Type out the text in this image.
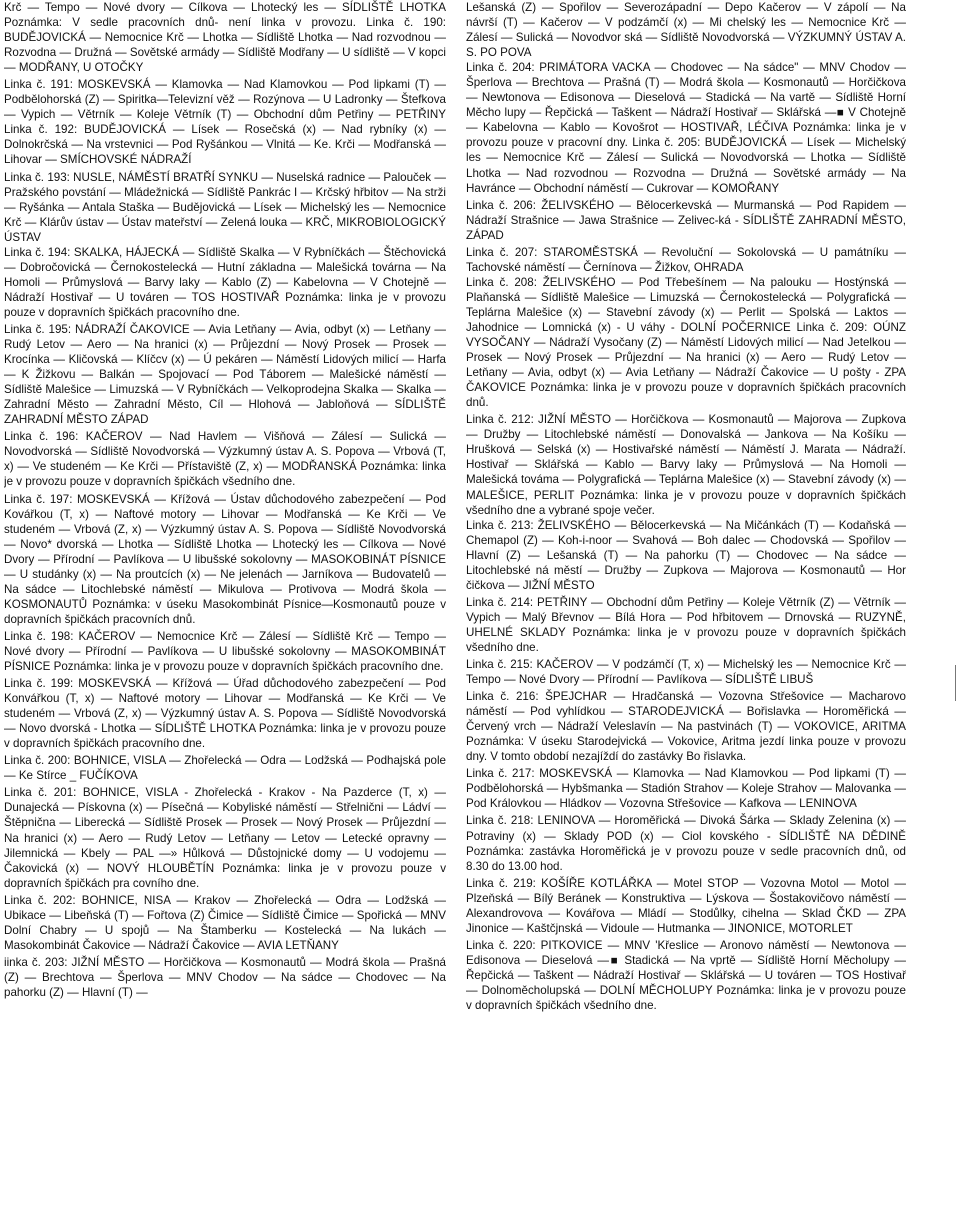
Krč — Tempo — Nové dvory — Cílkova — Lhotecký les — SÍDLIŠTĚ LHOTKA Poznámka: V sedle pracovních dnů- není linka v provozu. Linka č. 190: BUDĚJOVICKÁ — Nemocnice Krč — Lhotka — Sídliště Lhotka — Nad rozvodnou — Rozvodna — Družná — Sovětské armády — Sídliště Modřany — U sídliště — V kopci — MODŘANY, U OTOČKY

Linka č. 191: MOSKEVSKÁ — Klamovka — Nad Klamovkou — Pod lipkami (T) — Podbělohorská (Z) — Spiritka—Televizní věž — Rozýnova — U Ladronky — Štefkova — Vypich — Větrník — Koleje Větrník (T) — Obchodní dům Petřiny — PETŘINY Linka č. 192: BUDĚJOVICKÁ — Lísek — Rosečská (x) — Nad rybníky (x) — Dolnokrčská — Na vrstevnici — Pod Ryšánkou — Vlnitá — Ke. Krči — Modřanská — Lihovar — SMÍCHOVSKÉ NÁDRAŽÍ

Linka č. 193: NUSLE, NÁMĚSTÍ BRATŘÍ SYNKU — Nuselská radnice — Palouček — Pražského povstání — Mládežnická — Sídliště Pankrác I — Krčský hřbitov — Na strži — Ryšánka — Antala Staška — Budějovická — Lísek — Michelský les — Nemocnice Krč — Klárův ústav — Ústav mateřství — Zelená louka — KRČ, MIKROBIOLOGICKÝ ÚSTAV

Linka č. 194: SKALKA, HÁJECKÁ — Sídliště Skalka — V Rybníčkách — Štěchovická — Dobročovická — Černokostelecká — Hutní základna — Malešická továrna — Na Homoli — Průmyslová — Barvy laky — Kablo (Z) — Kabelovna — V Chotejně — Nádraží Hostivař — U továren — TOS HOSTIVAŘ Poznámka: linka je v provozu pouze v dopravních špičkách pracovního dne.

Linka č. 195: NÁDRAŽÍ ČAKOVICE — Avia Letňany — Avia, odbyt (x) — Letňany — Rudý Letov — Aero — Na hranici (x) — Průjezdní — Nový Prosek — Prosek — Krocínka — Kličovská — Klíčcv (x) — Ú pekáren — Náměstí Lidových milicí — Harfa — K Žižkovu — Balkán — Spojovací — Pod Táborem — Malešické náměstí — Sídliště Malešice — Limuzská — V Rybníčkách — Velkoprodejna Skalka — Skalka — Zahradní Město — Zahradní Město, Cíl — Hlohová — Jabloňová — SÍDLIŠTĚ ZAHRADNÍ MĚSTO ZÁPAD

Linka č. 196: KAČEROV — Nad Havlem — Višňová — Zálesí — Sulická — Novodvorská — Sídliště Novodvorská — Výzkumný ústav A. S. Popova — Vrbová (T, x) — Ve studeném — Ke Krči — Přístaviště (Z, x) — MODŘANSKÁ Poznámka: linka je v provozu pouze v dopravních špičkách všedního dne.

Linka č. 197: MOSKEVSKÁ — Křížová — Ústav důchodového zabezpečení — Pod Kovářkou (T, x) — Naftové motory — Lihovar — Modřanská — Ke Krči — Ve studeném — Vrbová (Z, x) — Výzkumný ústav A. S. Popova — Sídliště Novodvorská — Novo* dvorská — Lhotka — Sídliště Lhotka — Lhotecký les — Cílkova — Nové Dvory — Přírodní — Pavlíkova — U libušské sokolovny — MASOKOBINÁT PÍSNICE — U studánky (x) — Na proutcích (x) — Ne jelenách — Jarníkova — Budovatelů — Na sádce — Litochlebské náměstí — Mikulova — Protivova — Modrá škola — KOSMONAUTŮ Poznámka: v úseku Masokombinát Písnice—Kosmonautů pouze v dopravních špičkách pracovních dnů.

Linka č. 198: KAČEROV — Nemocnice Krč — Zálesí — Sídliště Krč — Tempo — Nové dvory — Přírodní — Pavlíkova — U libušské sokolovny — MASOKOMBINÁT PÍSNICE Poznámka: linka je v provozu pouze v dopravních špičkách pracovního dne.

Linka č. 199: MOSKEVSKÁ — Křížová — Úřad důchodového zabezpečení — Pod Konvářkou (T, x) — Naftové motory — Lihovar — Modřanská — Ke Krči — Ve studeném — Vrbová (Z, x) — Výzkumný ústav A. S. Popova — Sídliště Novodvorská — Novo dvorská - Lhotka — SÍDLIŠTĚ LHOTKA Poznámka: linka je v provozu pouze v dopravních špičkách pracovního dne.

Linka č. 200: BOHNICE, VISLA — Zhořelecká — Odra — Lodžská — Podhajská pole — Ke Stírce _ FUČÍKOVA

Linka č. 201: BOHNICE, VISLA - Zhořelecká - Krakov - Na Pazderce (T, x) — Dunajecká — Pískovna (x) — Písečná — Kobyliské náměstí — Střelnični — Ládví — Štěpnična — Liberecká — Sídliště Prosek — Prosek — Nový Prosek — Průjezdní — Na hranici (x) — Aero — Rudý Letov — Letňany — Letov — Letecké opravny — Jilemnická — Kbely — PAL —» Hůlková — Důstojnické domy — U vodojemu — Čakovická (x) — NOVÝ HLOUBĚTÍN Poznámka: linka je v provozu pouze v dopravních špičkách pra covního dne.

Linka č. 202: BOHNICE, NISA — Krakov — Zhořelecká — Odra — Lodžská — Ubikace — Libeňská (T) — Fořtova (Z) Čimice — Sídliště Čimice — Spořická — MNV Dolní Chabry — U spojů — Na Štamberku — Kostelecká — Na lukách — Masokombinát Čakovice — Nádraží Čakovice — AVIA LETŇANY

iinka č. 203: JIŽNÍ MĚSTO — Horčičkova — Kosmonautů — Modrá škola — Prašná (Z) — Brechtova — Šperlova — MNV Chodov — Na sádce — Chodovec — Na pahorku (Z) — Hlavní (T) —

Lešanská (Z) — Spořilov — Severozápadní — Depo Kačerov — V zápolí — Na návrší (T) — Kačerov — V podzámčí (x) — Mi chelský les — Nemocnice Krč — Zálesí — Sulická — Novodvor ská — Sídliště Novodvorská — VÝZKUMNÝ ÚSTAV A. S. PO POVA

Linka č. 204: PRIMÁTORA VACKA — Chodovec — Na sádce" — MNV Chodov — Šperlova — Brechtova — Prašná (T) — Modrá škola — Kosmonautů — Horčičkova — Newtonova — Edisonova — Dieselová — Stadická — Na vartě — Sídliště Horní Měcho lupy — Řepčická — Taškent — Nádraží Hostivař — Sklářská —■ V Chotejně — Kabelovna — Kablo — Kovošrot — HOSTIVAŘ, LÉČIVA Poznámka: linka je v provozu pouze v pracovní dny. Linka č. 205: BUDĚJOVICKÁ — Lísek — Michelský les — Nemocnice Krč — Zálesí — Sulická — Novodvorská — Lhotka — Sídliště Lhotka — Nad rozvodnou — Rozvodna — Družná — Sovětské armády — Na Havránce — Obchodní náměstí — Cukrovar — KOMOŘANY

Linka č. 206: ŽELIVSKÉHO — Bělocerkevská — Murmanská — Pod Rapidem — Nádraží Strašnice — Jawa Strašnice — Zelivec-ká - SÍDLIŠTĚ ZAHRADNÍ MĚSTO, ZÁPAD

Linka č. 207: STAROMĚSTSKÁ — Revoluční — Sokolovská — U památníku — Tachovské náměstí — Černínova — Žižkov, OHRADA

Linka č. 208: ŽELIVSKÉHO — Pod Třebešínem — Na palouku — Hostýnská — Plaňanská — Sídliště Malešice — Limuzská — Černokostelecká — Polygrafická — Teplárna Malešice (x) — Stavební závody (x) — Perlit — Spolská — Laktos — Jahodnice — Lomnická (x) - U váhy - DOLNÍ POČERNICE Linka č. 209: OÚNZ VYSOČANY — Nádraží Vysočany (Z) — Náměstí Lidových milicí — Nad Jetelkou — Prosek — Nový Prosek — Průjezdní — Na hranici (x) — Aero — Rudý Letov — Letňany — Avia, odbyt (x) — Avia Letňany — Nádraží Čakovice — U pošty - ZPA ČAKOVICE Poznámka: linka je v provozu pouze v dopravních špičkách pracovních dnů.

Linka č. 212: JIŽNÍ MĚSTO — Horčičkova — Kosmonautů — Majorova — Zupkova — Družby — Litochlebské náměstí — Donovalská — Jankova — Na Košíku — Hrušková — Selská (x) — Hostivařské náměstí — Náměstí J. Marata — Nádraží. Hostivař — Sklářská — Kablo — Barvy laky — Průmyslová — Na Homoli — Malešická továma — Polygrafická — Teplárna Malešice (x) — Stavební závody (x) — MALEŠICE, PERLIT Poznámka: linka je v provozu pouze v dopravních špičkách všedního dne a vybrané spoje večer.

Linka č. 213: ŽELIVSKÉHO — Bělocerkevská — Na Mičánkách (T) — Kodaňská — Chemapol (Z) — Koh-i-noor — Svahová — Boh dalec — Chodovská — Spořilov — Hlavní (Z) — Lešanská (T) — Na pahorku (T) — Chodovec — Na sádce — Litochlebské ná městí — Družby — Zupkova — Majorova — Kosmonautů — Hor čičkova — JIŽNÍ MĚSTO

Linka č. 214: PETŘINY — Obchodní dům Petřiny — Koleje Větrník (Z) — Větrník — Vypich — Malý Břevnov — Bílá Hora — Pod hřbitovem — Drnovská — RUZYNĚ, UHELNÉ SKLADY Poznámka: linka je v provozu pouze v dopravních špičkách všedního dne.

Linka č. 215: KAČEROV — V podzámčí (T, x) — Michelský les — Nemocnice Krč — Tempo — Nové Dvory — Přírodní — Pavlíkova — SÍDLIŠTĚ LIBUŠ

Linka č. 216: ŠPEJCHAR — Hradčanská — Vozovna Střešovice — Macharovo náměstí — Pod vyhlídkou — STARODEJVICKÁ — Bořislavka — Horoměřická — Červený vrch — Nádraží Veleslavín — Na pastvinách (T) — VOKOVICE, ARITMA Poznámka: V úseku Starodejvická — Vokovice, Aritma jezdí linka pouze v provozu dny. V tomto období nezajíždí do zastávky Bo řislavka.

Linka č. 217: MOSKEVSKÁ — Klamovka — Nad Klamovkou — Pod lipkami (T) — Podbělohorská — Hybšmanka — Stadión Strahov — Koleje Strahov — Malovanka — Pod Královkou — Hládkov — Vozovna Střešovice — Kafkova — LENINOVA

Linka č. 218: LENINOVA — Horoměřická — Divoká Šárka — Sklady Zelenina (x) — Potraviny (x) — Sklady POD (x) — Ciol kovského - SÍDLIŠTĚ NA DĚDINĚ Poznámka: zastávka Horoměřická je v provozu pouze v sedle pracovních dnů, od 8.30 do 13.00 hod.

Linka č. 219: KOŠÍŘE KOTLÁŘKA — Motel STOP — Vozovna Motol — Motol — Plzeňská — Bílý Beránek — Konstruktiva — Lýskova — Šostakovičovo náměstí — Alexandrovova — Kovářova — Mládí — Stodůlky, cihelna — Sklad ČKD — ZPA Jinonice — Kaštčjnská — Vidoule — Hutmanka — JINONICE, MOTORLET

Linka č. 220: PITKOVICE — MNV 'Křeslice — Aronovo náměstí — Newtonova — Edisonova — Dieselová —■ Stadická — Na vprtě — Sídliště Horní Měcholupy — Řepčická — Taškent — Nádraží Hostivař — Sklářská — U továren — TOS Hostivař — Dolnoměcholupská — DOLNÍ MĚCHOLUPY Poznámka: linka je v provozu pouze v dopravních špičkách všedního dne.
